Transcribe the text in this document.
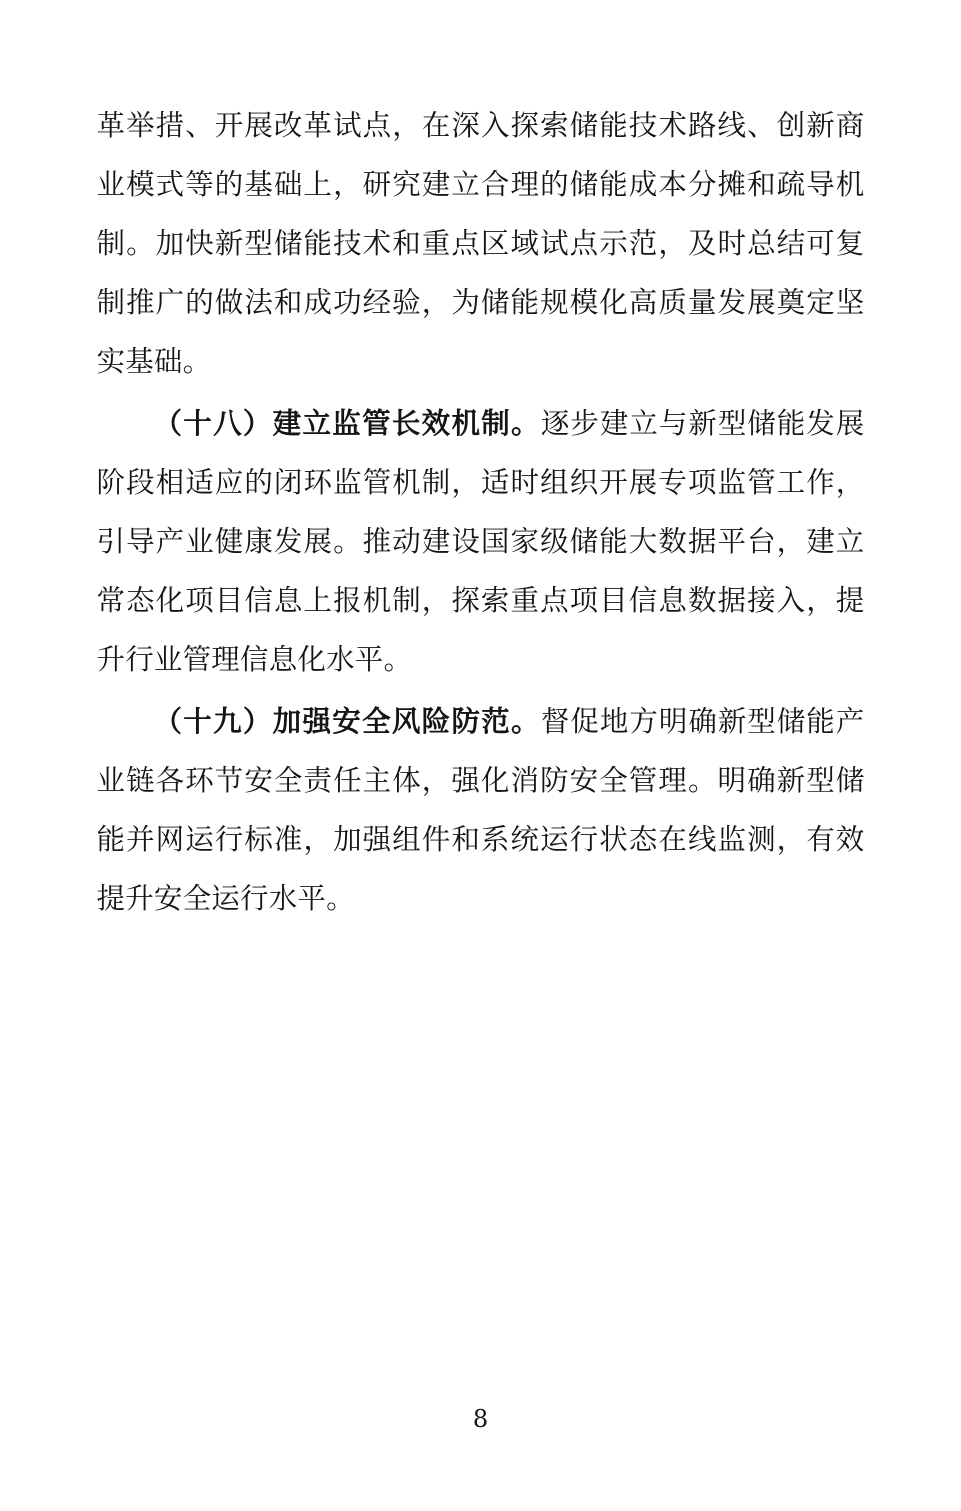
革举措、开展改革试点，在深入探索储能技术路线、创新商业模式等的基础上，研究建立合理的储能成本分摊和疏导机制。加快新型储能技术和重点区域试点示范，及时总结可复制推广的做法和成功经验，为储能规模化高质量发展奠定坚实基础。

（十八）建立监管长效机制。逐步建立与新型储能发展阶段相适应的闭环监管机制，适时组织开展专项监管工作，引导产业健康发展。推动建设国家级储能大数据平台，建立常态化项目信息上报机制，探索重点项目信息数据接入，提升行业管理信息化水平。

（十九）加强安全风险防范。督促地方明确新型储能产业链各环节安全责任主体，强化消防安全管理。明确新型储能并网运行标准，加强组件和系统运行状态在线监测，有效提升安全运行水平。

8
